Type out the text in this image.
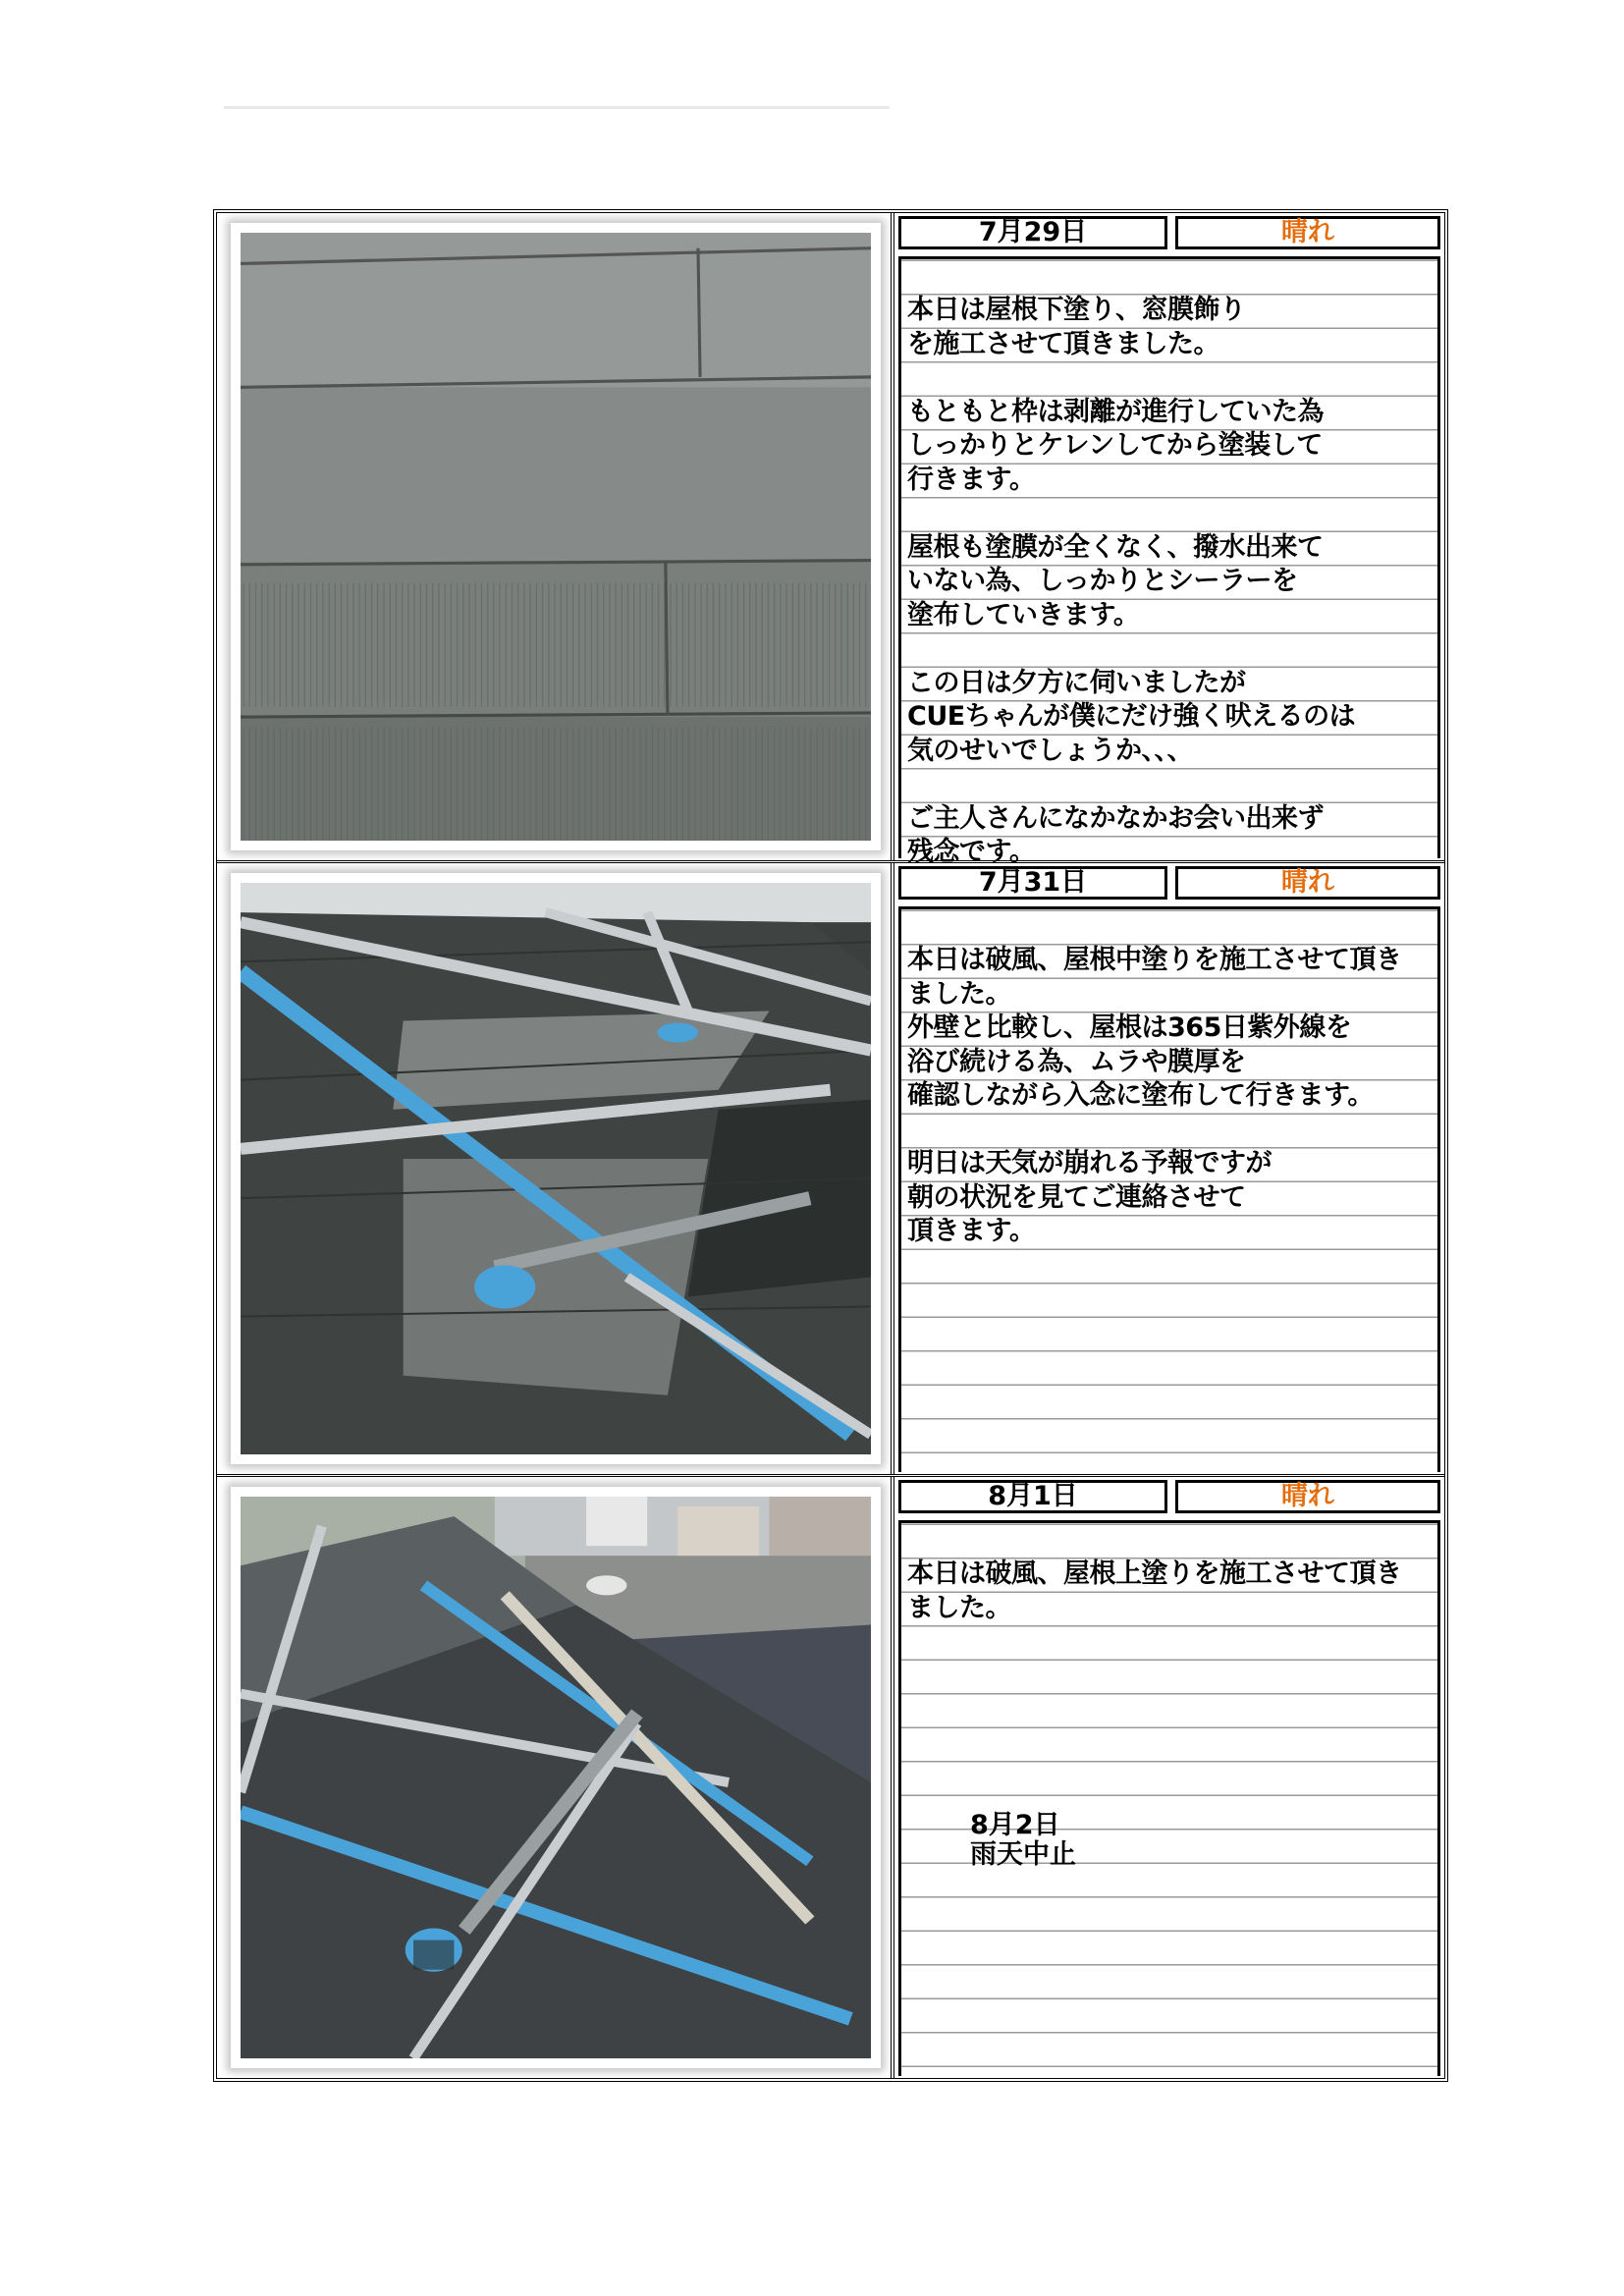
7月29日	晴れ

本日は屋根下塗り、窓膜飾り
を施工させて頂きました。

もともと枠は剥離が進行していた為
しっかりとケレンしてから塗装して
行きます。

屋根も塗膜が全くなく、撥水出来て
いない為、しっかりとシーラーを
塗布していきます。

この日は夕方に伺いましたが
CUEちゃんが僕にだけ強く吠えるのは
気のせいでしょうか、、、

ご主人さんになかなかお会い出来ず
残念です。

7月31日	晴れ

本日は破風、屋根中塗りを施工させて頂き
ました。
外壁と比較し、屋根は365日紫外線を
浴び続ける為、ムラや膜厚を
確認しながら入念に塗布して行きます。

明日は天気が崩れる予報ですが
朝の状況を見てご連絡させて
頂きます。

8月1日	晴れ

本日は破風、屋根上塗りを施工させて頂き
ました。

8月2日
雨天中止
